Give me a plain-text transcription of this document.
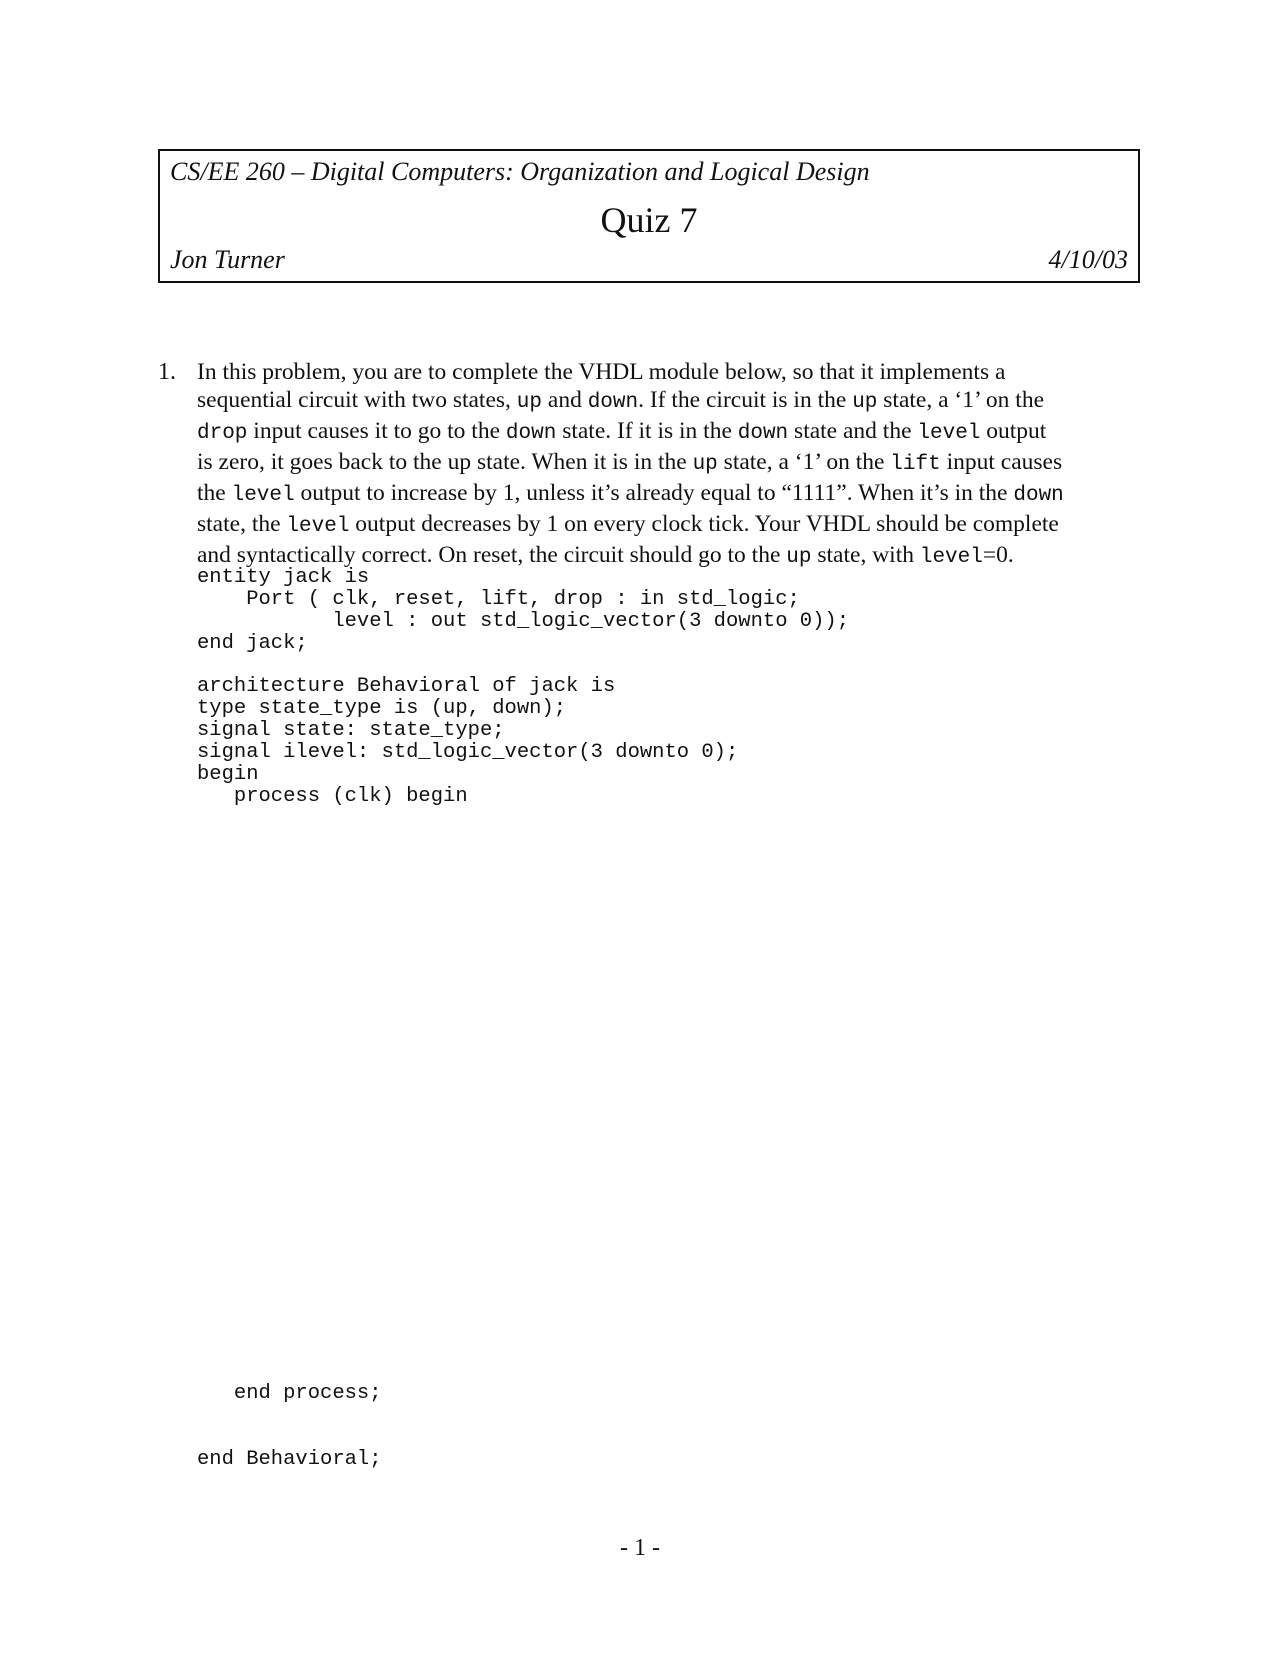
CS/EE 260 – Digital Computers: Organization and Logical Design
Quiz 7
Jon Turner	4/10/03
1. In this problem, you are to complete the VHDL module below, so that it implements a
sequential circuit with two states, up and down. If the circuit is in the up state, a ‘1’ on the
drop input causes it to go to the down state. If it is in the down state and the level output
is zero, it goes back to the up state. When it is in the up state, a ‘1’ on the lift input causes
the level output to increase by 1, unless it’s already equal to “1111”. When it’s in the down
state, the level output decreases by 1 on every clock tick. Your VHDL should be complete
and syntactically correct. On reset, the circuit should go to the up state, with level=0.
entity jack is
Port ( clk, reset, lift, drop : in std_logic;
level : out std_logic_vector(3 downto 0));
end jack;
architecture Behavioral of jack is
type state_type is (up, down);
signal state: state_type;
signal ilevel: std_logic_vector(3 downto 0);
begin
process (clk) begin
end process;
end Behavioral;
- 1 -
